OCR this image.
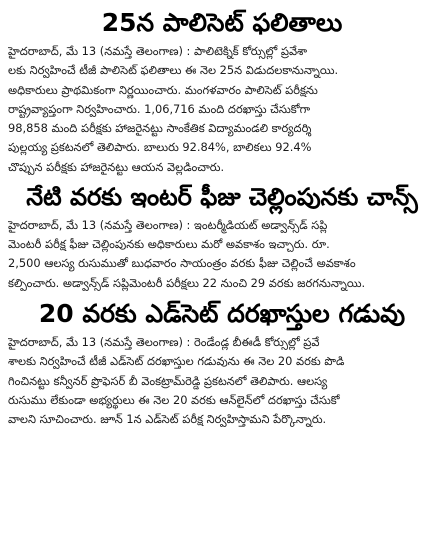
25న పాలిసెట్ ఫలితాలు
హైదరాబాద్, మే 13 (నమస్తే తెలంగాణ) : పాలిటెక్నిక్ కోర్సుల్లో ప్రవేశా
లకు నిర్వహించే టీజీ పాలిసెట్ ఫలితాలు ఈ నెల 25న విడుదలకానున్నాయి.
అధికారులు ప్రాథమికంగా నిర్ణయించారు. మంగళవారం పాలిసెట్ పరీక్షను
రాష్ట్రవ్యాప్తంగా నిర్వహించారు. 1,06,716 మంది దరఖాస్తు చేసుకోగా
98,858 మంది పరీక్షకు హాజరైనట్టు సాంకేతిక విద్యామండలి కార్యదర్శి
పుల్లయ్య ప్రకటనలో తెలిపారు. బాలురు 92.84%, బాలికలు 92.4%
చొప్పున పరీక్షకు హాజరైనట్టు ఆయన వెల్లడించారు.
నేటి వరకు ఇంటర్ ఫీజు చెల్లింపునకు చాన్స్
హైదరాబాద్, మే 13 (నమస్తే తెలంగాణ) : ఇంటర్మీడియట్ అడ్వాన్స్‌డ్ సప్లి
మెంటరీ పరీక్ష ఫీజు చెల్లింపునకు అధికారులు మరో అవకాశం ఇచ్చారు. రూ.
2,500 ఆలస్య రుసుముతో బుధవారం సాయంత్రం వరకు ఫీజు చెల్లించే అవకాశం
కల్పించారు. అడ్వాన్స్‌డ్ సప్లిమెంటరీ పరీక్షలు 22 నుంచి 29 వరకు జరగనున్నాయి.
20 వరకు ఎడ్‌సెట్ దరఖాస్తుల గడువు
హైదరాబాద్, మే 13 (నమస్తే తెలంగాణ) : రెండేండ్ల బీఈడీ కోర్సుల్లో ప్రవే
శాలకు నిర్వహించే టీజీ ఎడ్‌సెట్ దరఖాస్తుల గడువును ఈ నెల 20 వరకు పొడి
గించినట్టు కన్వీనర్ ప్రొఫెసర్ బీ వెంకట్రామ్‌రెడ్డి ప్రకటనలో తెలిపారు. ఆలస్య
రుసుము లేకుండా అభ్యర్థులు ఈ నెల 20 వరకు ఆన్‌లైన్‌లో దరఖాస్తు చేసుకో
వాలని సూచించారు. జూన్ 1న ఎడ్‌సెట్ పరీక్ష నిర్వహిస్తామని పేర్కొన్నారు.
